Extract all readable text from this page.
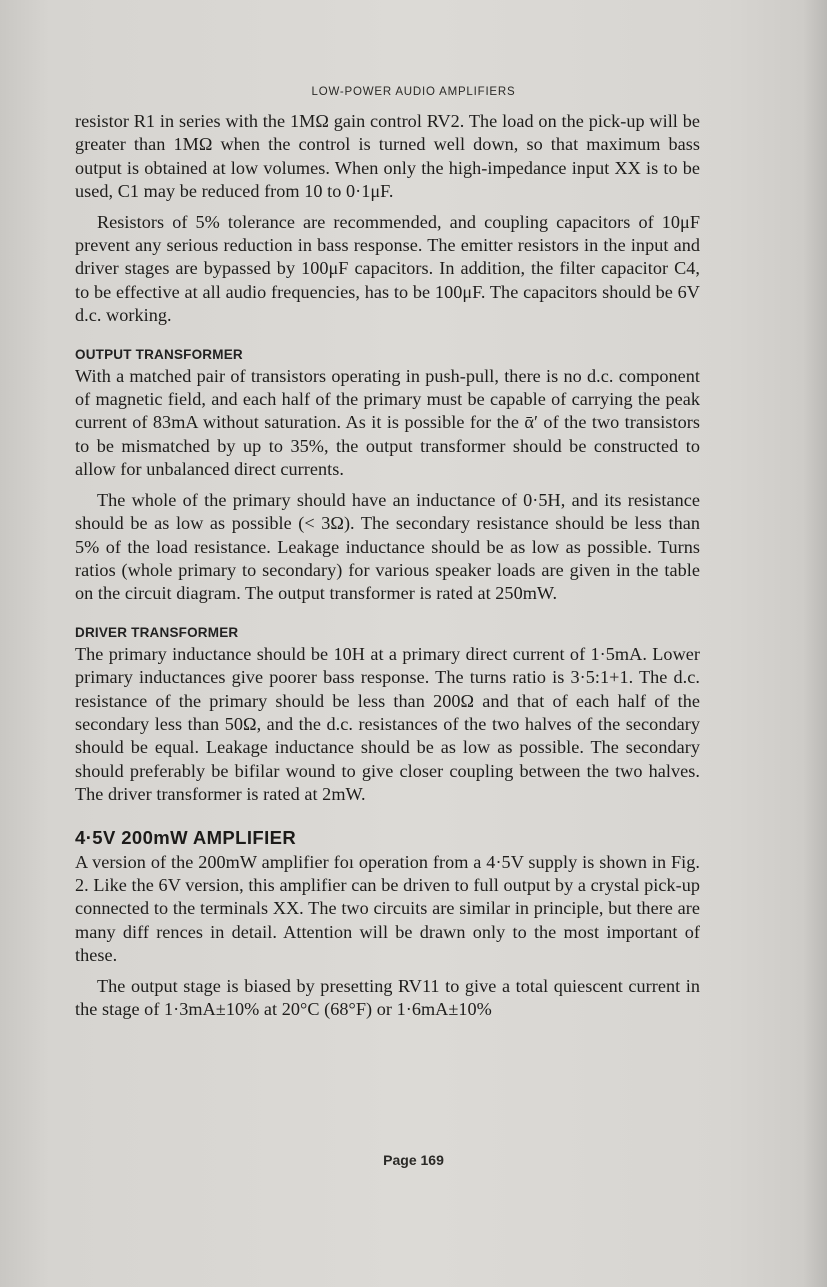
LOW-POWER AUDIO AMPLIFIERS

resistor R1 in series with the 1MΩ gain control RV2. The load on the pick-up will be greater than 1MΩ when the control is turned well down, so that maximum bass output is obtained at low volumes. When only the high-impedance input XX is to be used, C1 may be reduced from 10 to 0·1μF.

Resistors of 5% tolerance are recommended, and coupling capacitors of 10μF prevent any serious reduction in bass response. The emitter resistors in the input and driver stages are bypassed by 100μF capacitors. In addition, the filter capacitor C4, to be effective at all audio frequencies, has to be 100μF. The capacitors should be 6V d.c. working.

OUTPUT TRANSFORMER

With a matched pair of transistors operating in push-pull, there is no d.c. component of magnetic field, and each half of the primary must be capable of carrying the peak current of 83mA without saturation. As it is possible for the ᾱ′ of the two transistors to be mismatched by up to 35%, the output transformer should be constructed to allow for unbalanced direct currents.

The whole of the primary should have an inductance of 0·5H, and its resistance should be as low as possible (< 3Ω). The secondary resistance should be less than 5% of the load resistance. Leakage inductance should be as low as possible. Turns ratios (whole primary to secondary) for various speaker loads are given in the table on the circuit diagram. The output transformer is rated at 250mW.

DRIVER TRANSFORMER

The primary inductance should be 10H at a primary direct current of 1·5mA. Lower primary inductances give poorer bass response. The turns ratio is 3·5:1+1. The d.c. resistance of the primary should be less than 200Ω and that of each half of the secondary less than 50Ω, and the d.c. resistances of the two halves of the secondary should be equal. Leakage inductance should be as low as possible. The secondary should preferably be bifilar wound to give closer coupling between the two halves. The driver transformer is rated at 2mW.

4·5V 200mW AMPLIFIER

A version of the 200mW amplifier foı operation from a 4·5V supply is shown in Fig. 2. Like the 6V version, this amplifier can be driven to full output by a crystal pick-up connected to the terminals XX. The two circuits are similar in principle, but there are many diff rences in detail. Attention will be drawn only to the most important of these.

The output stage is biased by presetting RV11 to give a total quiescent current in the stage of 1·3mA±10% at 20°C (68°F) or 1·6mA±10%

Page 169
